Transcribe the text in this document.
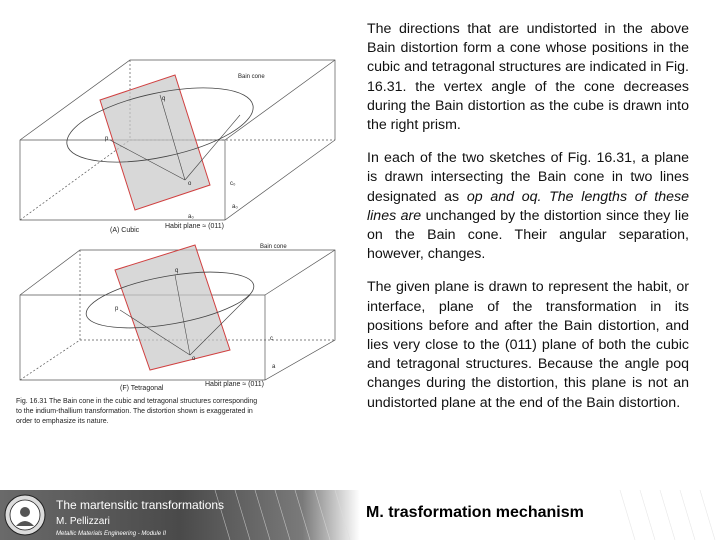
Bain cone
q
p
o	c₀
a₀
a₀
(A) Cubic
Habit plane ≈ (011)
Bain cone
q
p
o
c
a
(F) Tetragonal
Habit plane ≈ (011)
Fig. 16.31 The Bain cone in the cubic and tetragonal structures corresponding
to the indium-thallium transformation. The distortion shown is exaggerated in
order to emphasize its nature.

The directions that are undistorted in the above Bain distortion form a cone whose positions in the cubic and tetragonal structures are indicated in Fig. 16.31. the vertex angle of the cone decreases during the Bain distortion as the cube is drawn into the right prism.

In each of the two sketches of Fig. 16.31, a plane is drawn intersecting the Bain cone in two lines designated as op and oq. The lengths of these lines are unchanged by the distortion since they lie on the Bain cone. Their angular separation, however, changes.

The given plane is drawn to represent the habit, or interface, plane of the transformation in its positions before and after the Bain distortion, and lies very close to the (011) plane of both the cubic and tetragonal structures. Because the angle poq changes during the distortion, this plane is not an undistorted plane at the end of the Bain distortion.

The martensitic transformations
M. Pellizzari
Metallic Materials Engineering - Module II
M. trasformation mechanism
